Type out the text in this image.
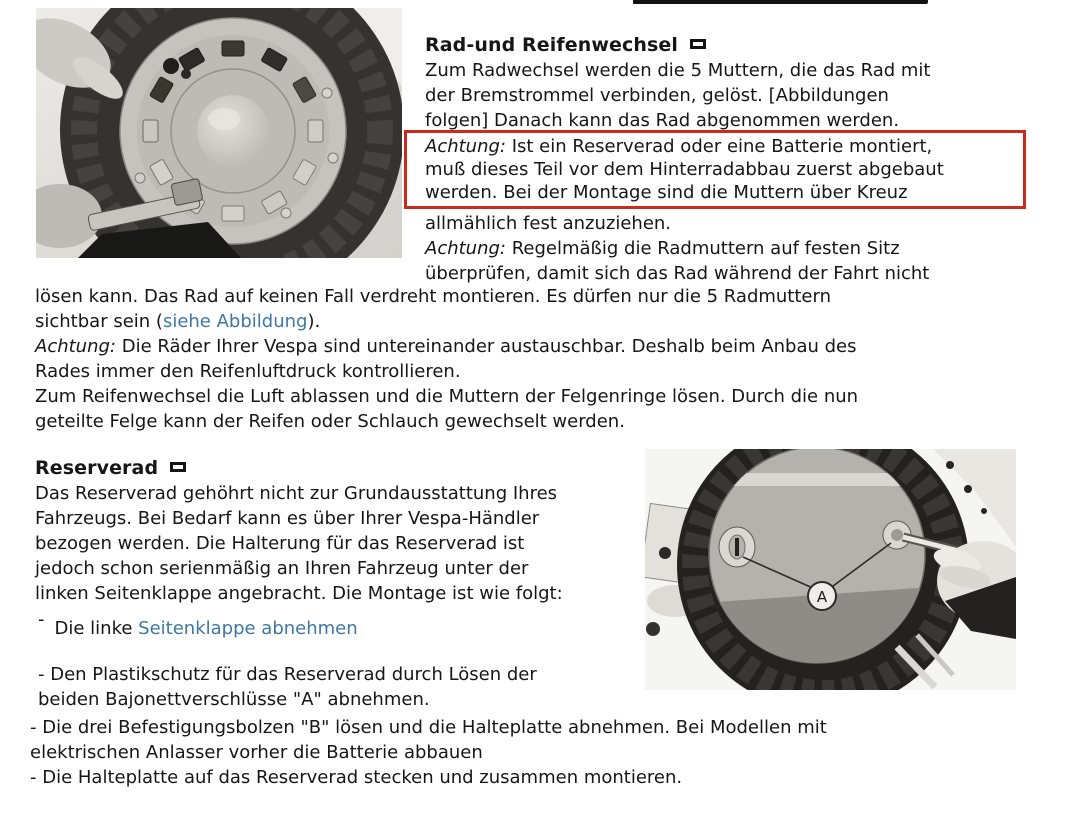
Rad-und Reifenwechsel
Zum Radwechsel werden die 5 Muttern, die das Rad mit
der Bremstrommel verbinden, gelöst. [Abbildungen
folgen] Danach kann das Rad abgenommen werden.
Achtung: Ist ein Reserverad oder eine Batterie montiert,
muß dieses Teil vor dem Hinterradabbau zuerst abgebaut
werden. Bei der Montage sind die Muttern über Kreuz
allmählich fest anzuziehen.
Achtung: Regelmäßig die Radmuttern auf festen Sitz
überprüfen, damit sich das Rad während der Fahrt nicht
lösen kann. Das Rad auf keinen Fall verdreht montieren. Es dürfen nur die 5 Radmuttern
sichtbar sein (siehe Abbildung).
Achtung: Die Räder Ihrer Vespa sind untereinander austauschbar. Deshalb beim Anbau des
Rades immer den Reifenluftdruck kontrollieren.
Zum Reifenwechsel die Luft ablassen und die Muttern der Felgenringe lösen. Durch die nun
geteilte Felge kann der Reifen oder Schlauch gewechselt werden.
A
Reserverad
Das Reserverad gehöhrt nicht zur Grundausstattung Ihres
Fahrzeugs. Bei Bedarf kann es über Ihrer Vespa-Händler
bezogen werden. Die Halterung für das Reserverad ist
jedoch schon serienmäßig an Ihren Fahrzeug unter der
linken Seitenklappe angebracht. Die Montage ist wie folgt:
- Die linke Seitenklappe abnehmen
- Den Plastikschutz für das Reserverad durch Lösen der
beiden Bajonettverschlüsse "A" abnehmen.
- Die drei Befestigungsbolzen "B" lösen und die Halteplatte abnehmen. Bei Modellen mit
elektrischen Anlasser vorher die Batterie abbauen
- Die Halteplatte auf das Reserverad stecken und zusammen montieren.
